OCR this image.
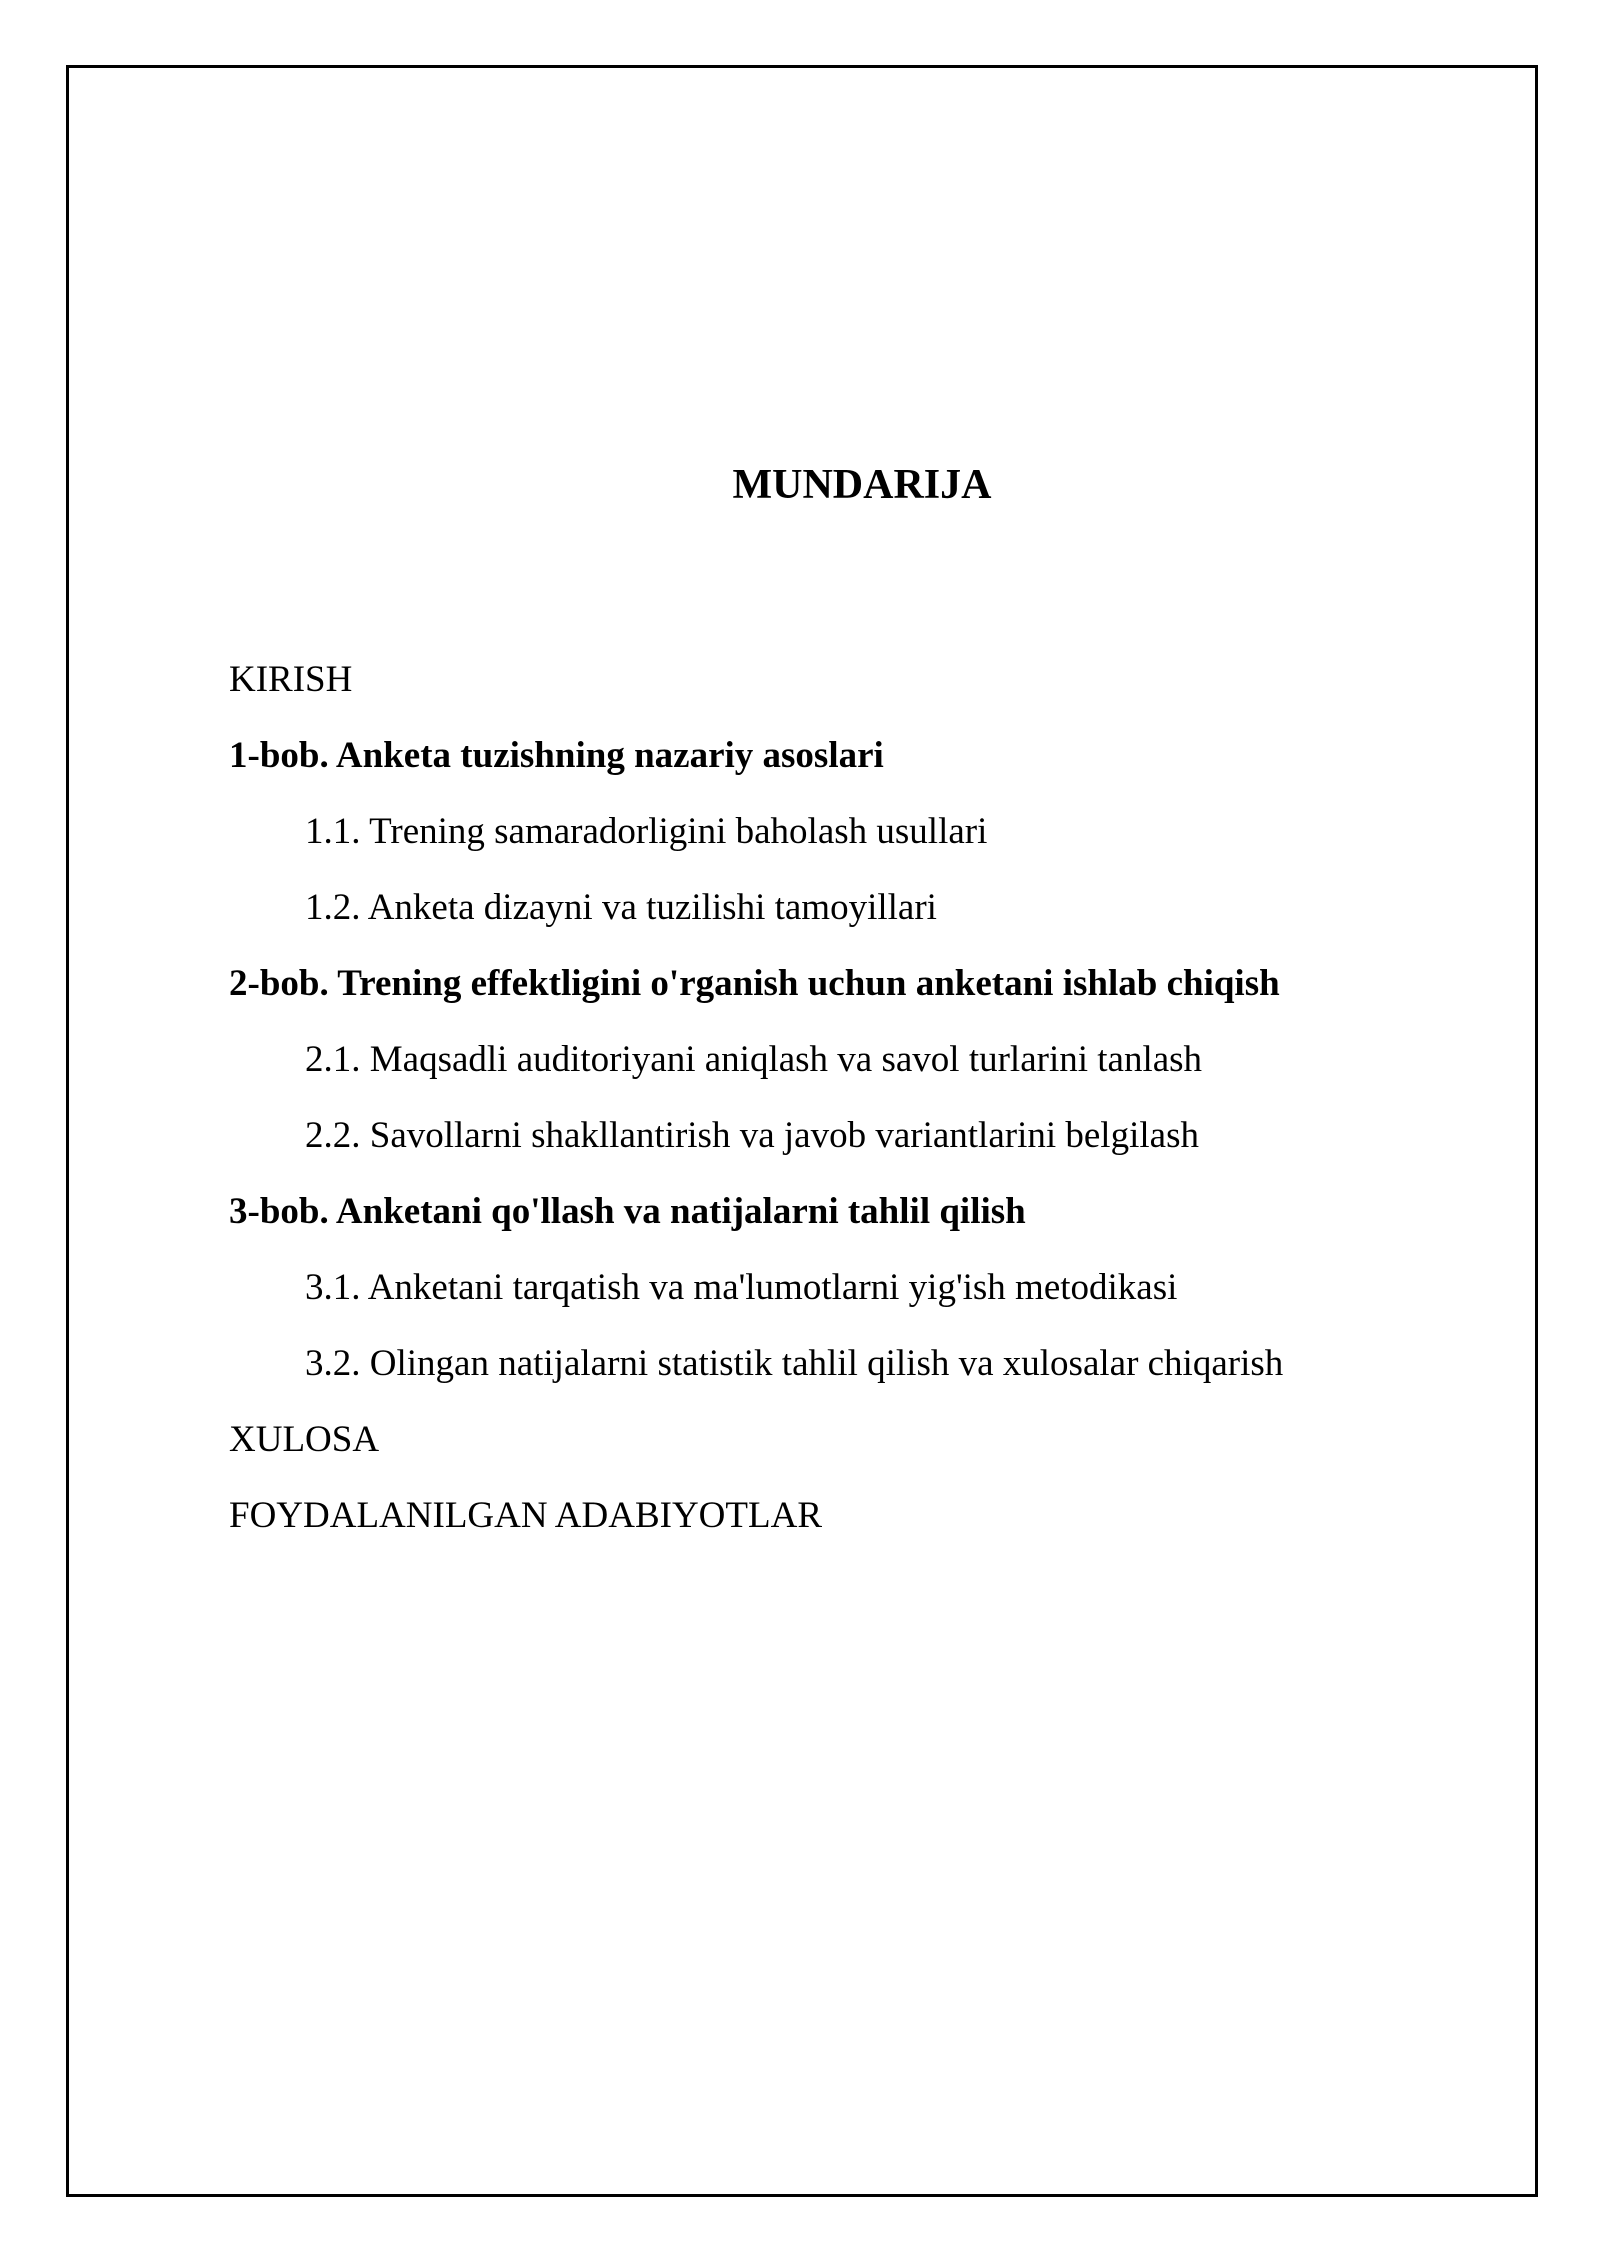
MUNDARIJA
KIRISH
1-bob. Anketa tuzishning nazariy asoslari
1.1. Trening samaradorligini baholash usullari
1.2. Anketa dizayni va tuzilishi tamoyillari
2-bob. Trening effektligini o'rganish uchun anketani ishlab chiqish
2.1. Maqsadli auditoriyani aniqlash va savol turlarini tanlash
2.2. Savollarni shakllantirish va javob variantlarini belgilash
3-bob. Anketani qo'llash va natijalarni tahlil qilish
3.1. Anketani tarqatish va ma'lumotlarni yig'ish metodikasi
3.2. Olingan natijalarni statistik tahlil qilish va xulosalar chiqarish
XULOSA
FOYDALANILGAN ADABIYOTLAR
